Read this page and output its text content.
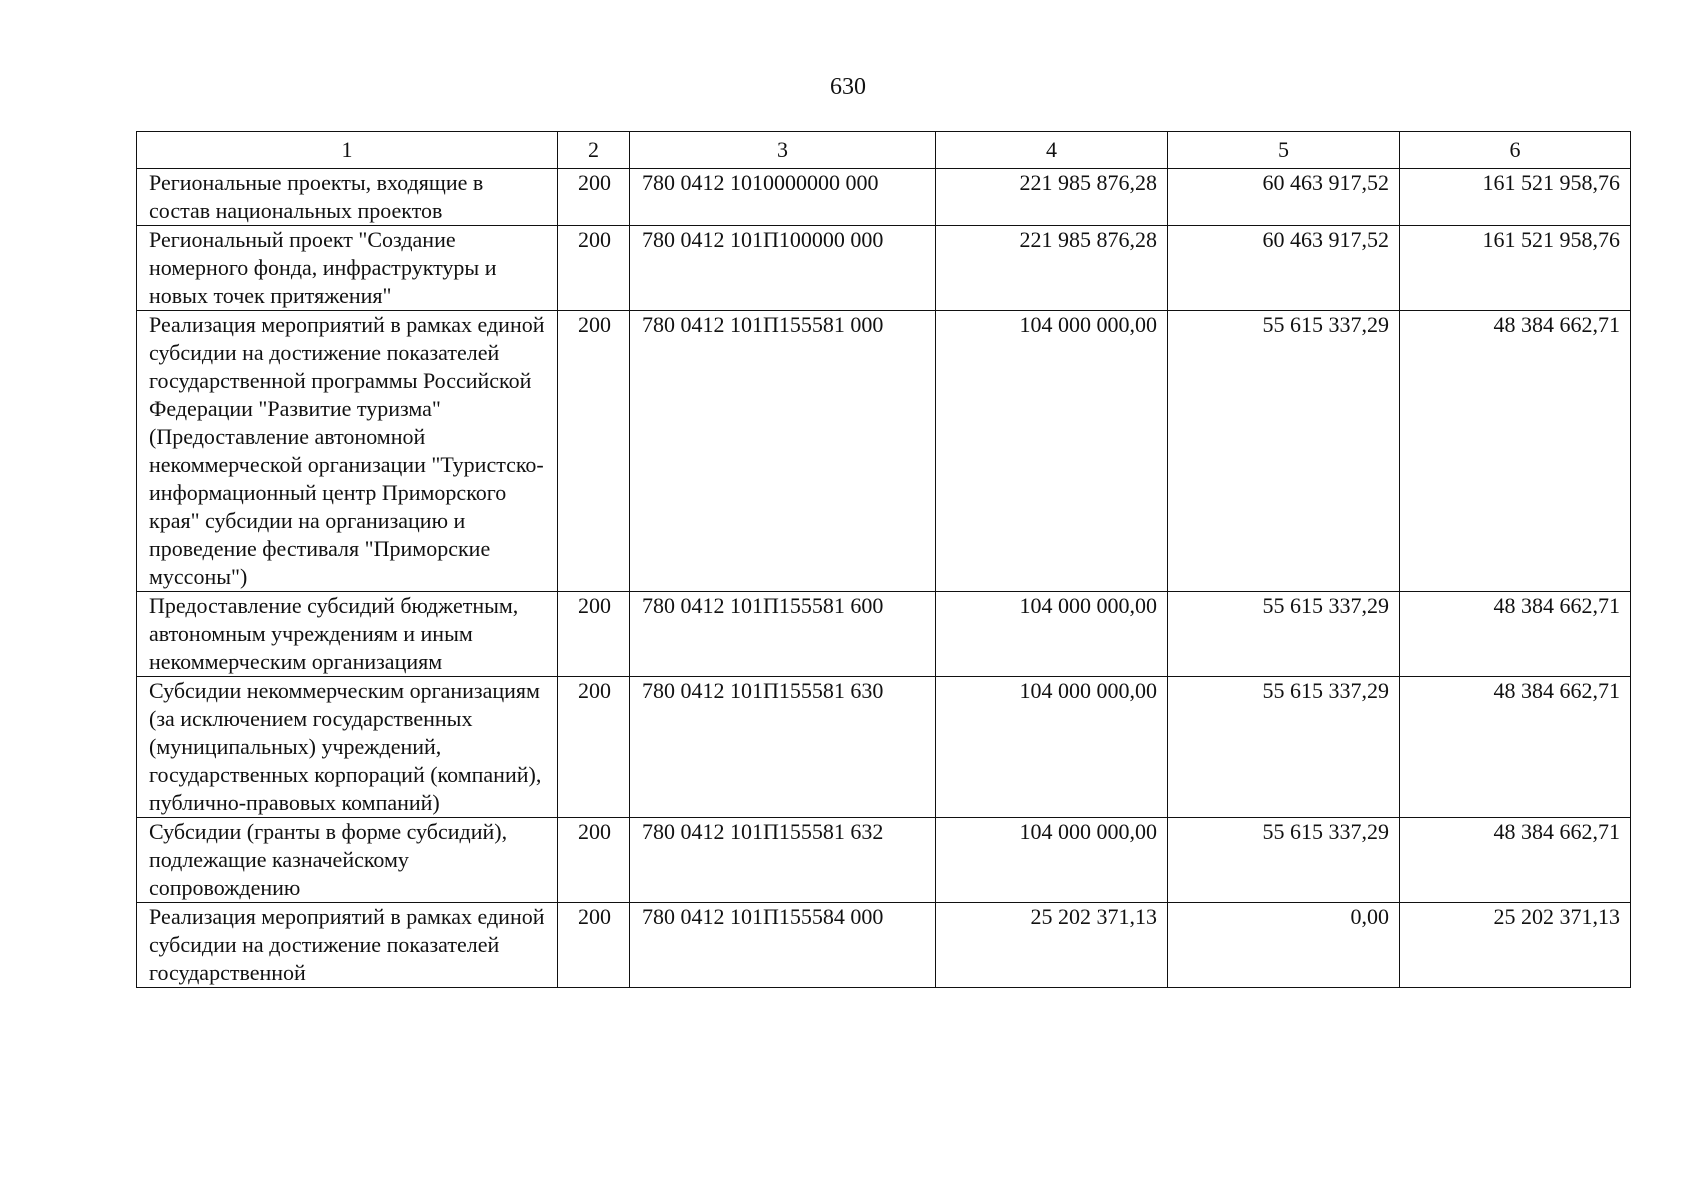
630
1	2	3	4	5	6
Региональные проекты, входящие в состав национальных проектов	200	780 0412 1010000000 000	221 985 876,28	60 463 917,52	161 521 958,76
Региональный проект "Создание номерного фонда, инфраструктуры и новых точек притяжения"	200	780 0412 101П100000 000	221 985 876,28	60 463 917,52	161 521 958,76
Реализация мероприятий в рамках единой субсидии на достижение показателей государственной программы Российской Федерации "Развитие туризма" (Предоставление автономной некоммерческой организации "Туристско-информационный центр Приморского края" субсидии на организацию и проведение фестиваля "Приморские муссоны")	200	780 0412 101П155581 000	104 000 000,00	55 615 337,29	48 384 662,71
Предоставление субсидий бюджетным, автономным учреждениям и иным некоммерческим организациям	200	780 0412 101П155581 600	104 000 000,00	55 615 337,29	48 384 662,71
Субсидии некоммерческим организациям (за исключением государственных (муниципальных) учреждений, государственных корпораций (компаний), публично-правовых компаний)	200	780 0412 101П155581 630	104 000 000,00	55 615 337,29	48 384 662,71
Субсидии (гранты в форме субсидий), подлежащие казначейскому сопровождению	200	780 0412 101П155581 632	104 000 000,00	55 615 337,29	48 384 662,71
Реализация мероприятий в рамках единой субсидии на достижение показателей государственной	200	780 0412 101П155584 000	25 202 371,13	0,00	25 202 371,13
